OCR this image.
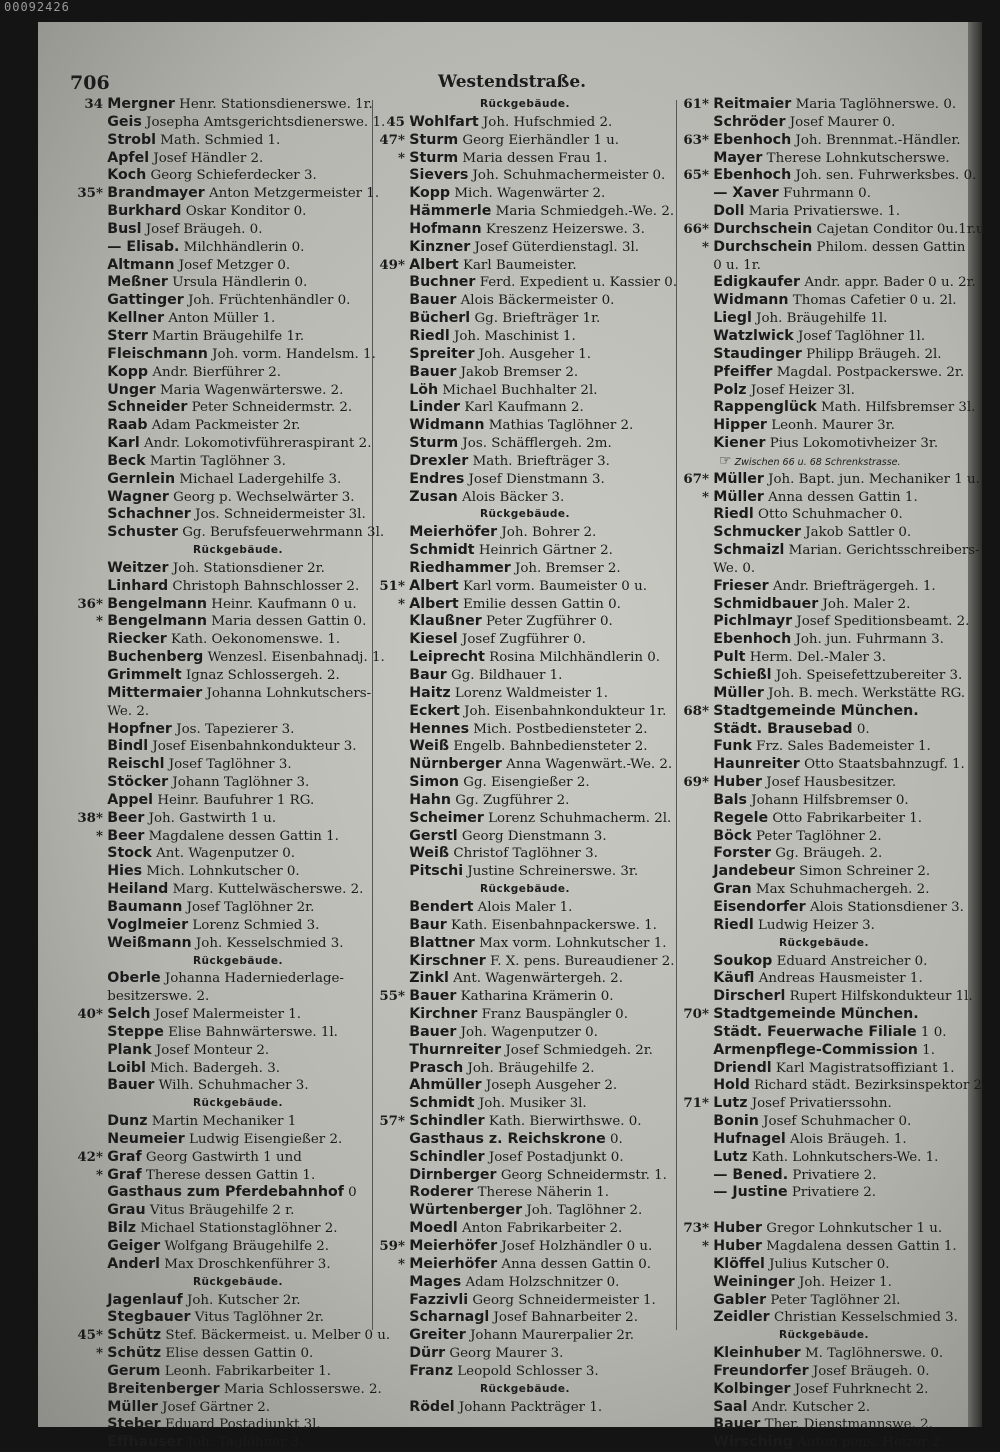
00092426
706	Westendstraße.
34 Mergner Henr. Stationsdienerswe. 1r.
Geis Josepha Amtsgerichtsdienerswe. 1.
Strobl Math. Schmied 1.
Apfel Josef Händler 2.
Koch Georg Schieferdecker 3.
35* Brandmayer Anton Metzgermeister 1.
Burkhard Oskar Konditor 0.
Busl Josef Bräugeh. 0.
— Elisab. Milchhändlerin 0.
Altmann Josef Metzger 0.
Meßner Ursula Händlerin 0.
Gattinger Joh. Früchtenhändler 0.
Kellner Anton Müller 1.
Sterr Martin Bräugehilfe 1r.
Fleischmann Joh. vorm. Handelsm. 1.
Kopp Andr. Bierführer 2.
Unger Maria Wagenwärterswe. 2.
Schneider Peter Schneidermstr. 2.
Raab Adam Packmeister 2r.
Karl Andr. Lokomotivführeraspirant 2.
Beck Martin Taglöhner 3.
Gernlein Michael Ladergehilfe 3.
Wagner Georg p. Wechselwärter 3.
Schachner Jos. Schneidermeister 3l.
Schuster Gg. Berufsfeuerwehrmann 3l.
Rückgebäude.
Weitzer Joh. Stationsdiener 2r.
Linhard Christoph Bahnschlosser 2.
36* Bengelmann Heinr. Kaufmann 0 u.
* Bengelmann Maria dessen Gattin 0.
Riecker Kath. Oekonomenswe. 1.
Buchenberg Wenzesl. Eisenbahnadj. 1.
Grimmelt Ignaz Schlossergeh. 2.
Mittermaier Johanna Lohnkutschers-
We. 2.
Hopfner Jos. Tapezierer 3.
Bindl Josef Eisenbahnkondukteur 3.
Reischl Josef Taglöhner 3.
Stöcker Johann Taglöhner 3.
Appel Heinr. Baufuhrer 1 RG.
38* Beer Joh. Gastwirth 1 u.
* Beer Magdalene dessen Gattin 1.
Stock Ant. Wagenputzer 0.
Hies Mich. Lohnkutscher 0.
Heiland Marg. Kuttelwäscherswe. 2.
Baumann Josef Taglöhner 2r.
Voglmeier Lorenz Schmied 3.
Weißmann Joh. Kesselschmied 3.
Rückgebäude.
Oberle Johanna Haderniederlage-
besitzerswe. 2.
40* Selch Josef Malermeister 1.
Steppe Elise Bahnwärterswe. 1l.
Plank Josef Monteur 2.
Loibl Mich. Badergeh. 3.
Bauer Wilh. Schuhmacher 3.
Rückgebäude.
Dunz Martin Mechaniker 1
Neumeier Ludwig Eisengießer 2.
42* Graf Georg Gastwirth 1 und
* Graf Therese dessen Gattin 1.
Gasthaus zum Pferdebahnhof 0
Grau Vitus Bräugehilfe 2 r.
Bilz Michael Stationstaglöhner 2.
Geiger Wolfgang Bräugehilfe 2.
Anderl Max Droschkenführer 3.
Rückgebäude.
Jagenlauf Joh. Kutscher 2r.
Stegbauer Vitus Taglöhner 2r.
45* Schütz Stef. Bäckermeist. u. Melber 0 u.
* Schütz Elise dessen Gattin 0.
Gerum Leonh. Fabrikarbeiter 1.
Breitenberger Maria Schlosserswe. 2.
Müller Josef Gärtner 2.
Steber Eduard Postadjunkt 3l.
Effhauser Joh. Taglöhner 3.
Rückgebäude.
45 Wohlfart Joh. Hufschmied 2.
47* Sturm Georg Eierhändler 1 u.
* Sturm Maria dessen Frau 1.
Sievers Joh. Schuhmachermeister 0.
Kopp Mich. Wagenwärter 2.
Hämmerle Maria Schmiedgeh.-We. 2.
Hofmann Kreszenz Heizerswe. 3.
Kinzner Josef Güterdienstagl. 3l.
49* Albert Karl Baumeister.
Buchner Ferd. Expedient u. Kassier 0.
Bauer Alois Bäckermeister 0.
Bücherl Gg. Briefträger 1r.
Riedl Joh. Maschinist 1.
Spreiter Joh. Ausgeher 1.
Bauer Jakob Bremser 2.
Löh Michael Buchhalter 2l.
Linder Karl Kaufmann 2.
Widmann Mathias Taglöhner 2.
Sturm Jos. Schäfflergeh. 2m.
Drexler Math. Briefträger 3.
Endres Josef Dienstmann 3.
Zusan Alois Bäcker 3.
Rückgebäude.
Meierhöfer Joh. Bohrer 2.
Schmidt Heinrich Gärtner 2.
Riedhammer Joh. Bremser 2.
51* Albert Karl vorm. Baumeister 0 u.
* Albert Emilie dessen Gattin 0.
Klaußner Peter Zugführer 0.
Kiesel Josef Zugführer 0.
Leiprecht Rosina Milchhändlerin 0.
Baur Gg. Bildhauer 1.
Haitz Lorenz Waldmeister 1.
Eckert Joh. Eisenbahnkondukteur 1r.
Hennes Mich. Postbediensteter 2.
Weiß Engelb. Bahnbediensteter 2.
Nürnberger Anna Wagenwärt.-We. 2.
Simon Gg. Eisengießer 2.
Hahn Gg. Zugführer 2.
Scheimer Lorenz Schuhmacherm. 2l.
Gerstl Georg Dienstmann 3.
Weiß Christof Taglöhner 3.
Pitschi Justine Schreinerswe. 3r.
Rückgebäude.
Bendert Alois Maler 1.
Baur Kath. Eisenbahnpackerswe. 1.
Blattner Max vorm. Lohnkutscher 1.
Kirschner F. X. pens. Bureaudiener 2.
Zinkl Ant. Wagenwärtergeh. 2.
55* Bauer Katharina Krämerin 0.
Kirchner Franz Bauspängler 0.
Bauer Joh. Wagenputzer 0.
Thurnreiter Josef Schmiedgeh. 2r.
Prasch Joh. Bräugehilfe 2.
Ahmüller Joseph Ausgeher 2.
Schmidt Joh. Musiker 3l.
57* Schindler Kath. Bierwirthswe. 0.
Gasthaus z. Reichskrone 0.
Schindler Josef Postadjunkt 0.
Dirnberger Georg Schneidermstr. 1.
Roderer Therese Näherin 1.
Würtenberger Joh. Taglöhner 2.
Moedl Anton Fabrikarbeiter 2.
59* Meierhöfer Josef Holzhändler 0 u.
* Meierhöfer Anna dessen Gattin 0.
Mages Adam Holzschnitzer 0.
Fazzivli Georg Schneidermeister 1.
Scharnagl Josef Bahnarbeiter 2.
Greiter Johann Maurerpalier 2r.
Dürr Georg Maurer 3.
Franz Leopold Schlosser 3.
Rückgebäude.
Rödel Johann Packträger 1.
61* Reitmaier Maria Taglöhnerswe. 0.
Schröder Josef Maurer 0.
63* Ebenhoch Joh. Brennmat.-Händler.
Mayer Therese Lohnkutscherswe.
65* Ebenhoch Joh. sen. Fuhrwerksbes. 0.
— Xaver Fuhrmann 0.
Doll Maria Privatierswe. 1.
66* Durchschein Cajetan Conditor 0u.1r.u.
* Durchschein Philom. dessen Gattin
0 u. 1r.
Edigkaufer Andr. appr. Bader 0 u. 2r.
Widmann Thomas Cafetier 0 u. 2l.
Liegl Joh. Bräugehilfe 1l.
Watzlwick Josef Taglöhner 1l.
Staudinger Philipp Bräugeh. 2l.
Pfeiffer Magdal. Postpackerswe. 2r.
Polz Josef Heizer 3l.
Rappenglück Math. Hilfsbremser 3l.
Hipper Leonh. Maurer 3r.
Kiener Pius Lokomotivheizer 3r.
☞ Zwischen 66 u. 68 Schrenkstrasse.
67* Müller Joh. Bapt. jun. Mechaniker 1 u.
* Müller Anna dessen Gattin 1.
Riedl Otto Schuhmacher 0.
Schmucker Jakob Sattler 0.
Schmaizl Marian. Gerichtsschreibers-
We. 0.
Frieser Andr. Briefträgergeh. 1.
Schmidbauer Joh. Maler 2.
Pichlmayr Josef Speditionsbeamt. 2.
Ebenhoch Joh. jun. Fuhrmann 3.
Pult Herm. Del.-Maler 3.
Schießl Joh. Speisefettzubereiter 3.
Müller Joh. B. mech. Werkstätte RG.
68* Stadtgemeinde München.
Städt. Brausebad 0.
Funk Frz. Sales Bademeister 1.
Haunreiter Otto Staatsbahnzugf. 1.
69* Huber Josef Hausbesitzer.
Bals Johann Hilfsbremser 0.
Regele Otto Fabrikarbeiter 1.
Böck Peter Taglöhner 2.
Forster Gg. Bräugeh. 2.
Jandebeur Simon Schreiner 2.
Gran Max Schuhmachergeh. 2.
Eisendorfer Alois Stationsdiener 3.
Riedl Ludwig Heizer 3.
Rückgebäude.
Soukop Eduard Anstreicher 0.
Käufl Andreas Hausmeister 1.
Dirscherl Rupert Hilfskondukteur 1l.
70* Stadtgemeinde München.
Städt. Feuerwache Filiale 1 0.
Armenpflege-Commission 1.
Driendl Karl Magistratsoffiziant 1.
Hold Richard städt. Bezirksinspektor 2.
71* Lutz Josef Privatierssohn.
Bonin Josef Schuhmacher 0.
Hufnagel Alois Bräugeh. 1.
Lutz Kath. Lohnkutschers-We. 1.
— Bened. Privatiere 2.
— Justine Privatiere 2.
73* Huber Gregor Lohnkutscher 1 u.
* Huber Magdalena dessen Gattin 1.
Klöffel Julius Kutscher 0.
Weininger Joh. Heizer 1.
Gabler Peter Taglöhner 2l.
Zeidler Christian Kesselschmied 3.
Rückgebäude.
Kleinhuber M. Taglöhnerswe. 0.
Freundorfer Josef Bräugeh. 0.
Kolbinger Josef Fuhrknecht 2.
Saal Andr. Kutscher 2.
Bauer Ther. Dienstmannswe. 2.
Wirsching Anton pens. Heizer 2.
